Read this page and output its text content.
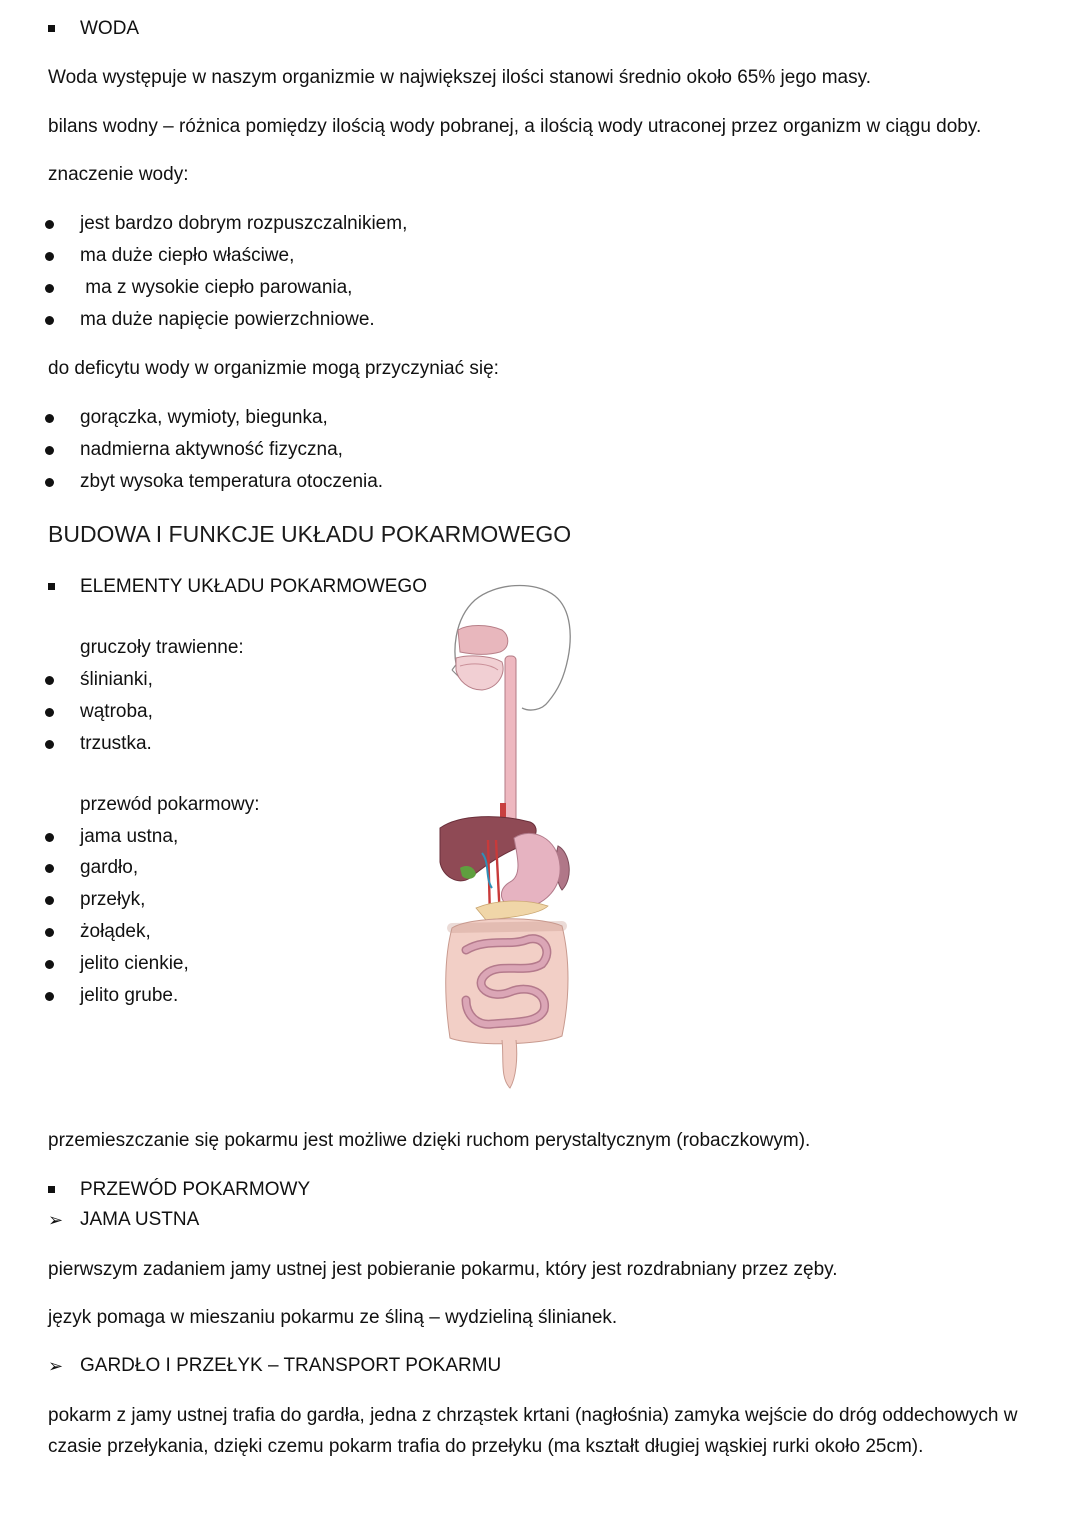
WODA
Woda występuje w naszym organizmie w największej ilości stanowi średnio około 65% jego masy.
bilans wodny – różnica pomiędzy ilością wody pobranej, a ilością wody utraconej przez organizm w ciągu doby.
znaczenie wody:
jest bardzo dobrym rozpuszczalnikiem,
ma duże ciepło właściwe,
ma z wysokie ciepło parowania,
ma duże napięcie powierzchniowe.
do deficytu wody w organizmie mogą przyczyniać się:
gorączka, wymioty, biegunka,
nadmierna aktywność fizyczna,
zbyt wysoka temperatura otoczenia.
BUDOWA I FUNKCJE UKŁADU POKARMOWEGO
ELEMENTY UKŁADU POKARMOWEGO
gruczoły trawienne:
ślinianki,
wątroba,
trzustka.
przewód pokarmowy:
jama ustna,
gardło,
przełyk,
żołądek,
jelito cienkie,
jelito grube.
przemieszczanie się pokarmu jest możliwe dzięki ruchom perystaltycznym (robaczkowym).
PRZEWÓD POKARMOWY
➢ JAMA USTNA
pierwszym zadaniem jamy ustnej jest pobieranie pokarmu, który jest rozdrabniany przez zęby.
język pomaga w mieszaniu pokarmu ze śliną – wydzieliną ślinianek.
➢ GARDŁO I PRZEŁYK – TRANSPORT POKARMU
pokarm z jamy ustnej trafia do gardła, jedna z chrząstek krtani (nagłośnia) zamyka wejście do dróg oddechowych w czasie przełykania, dzięki czemu pokarm trafia do przełyku (ma kształt długiej wąskiej rurki około 25cm).
